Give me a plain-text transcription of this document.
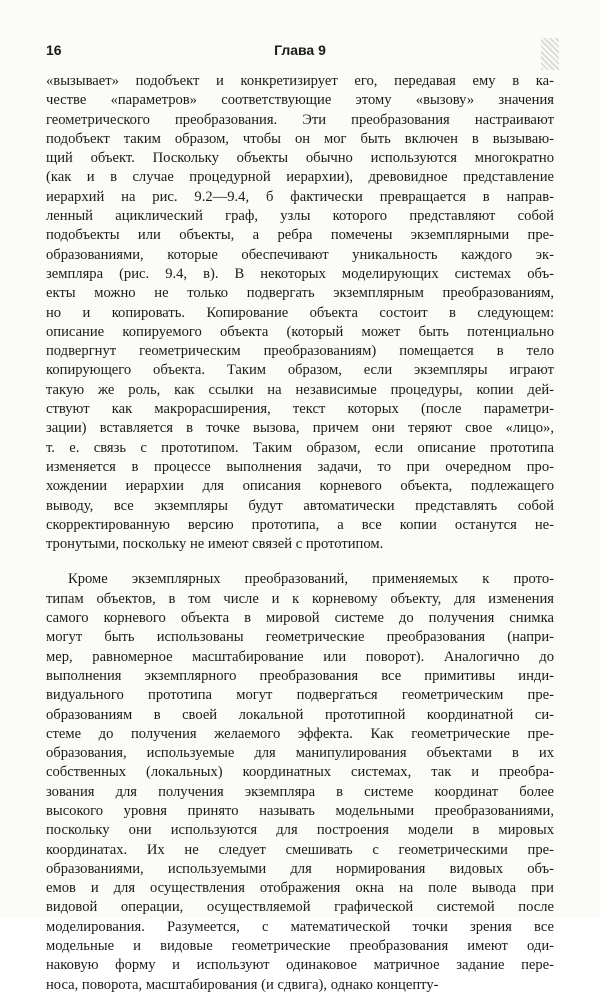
16	Глава 9
«вызывает» подобъект и конкретизирует его, передавая ему в ка-
честве «параметров» соответствующие этому «вызову» значения
геометрического преобразования. Эти преобразования настраивают
подобъект таким образом, чтобы он мог быть включен в вызываю-
щий объект. Поскольку объекты обычно используются многократно
(как и в случае процедурной иерархии), древовидное представление
иерархий на рис. 9.2—9.4, б фактически превращается в направ-
ленный ациклический граф, узлы которого представляют собой
подобъекты или объекты, а ребра помечены экземплярными пре-
образованиями, которые обеспечивают уникальность каждого эк-
земпляра (рис. 9.4, в). В некоторых моделирующих системах объ-
екты можно не только подвергать экземплярным преобразованиям,
но и копировать. Копирование объекта состоит в следующем:
описание копируемого объекта (который может быть потенциально
подвергнут геометрическим преобразованиям) помещается в тело
копирующего объекта. Таким образом, если экземпляры играют
такую же роль, как ссылки на независимые процедуры, копии дей-
ствуют как макрорасширения, текст которых (после параметри-
зации) вставляется в точке вызова, причем они теряют свое «лицо»,
т. е. связь с прототипом. Таким образом, если описание прототипа
изменяется в процессе выполнения задачи, то при очередном про-
хождении иерархии для описания корневого объекта, подлежащего
выводу, все экземпляры будут автоматически представлять собой
скорректированную версию прототипа, а все копии останутся не-
тронутыми, поскольку не имеют связей с прототипом.
Кроме экземплярных преобразований, применяемых к прото-
типам объектов, в том числе и к корневому объекту, для изменения
самого корневого объекта в мировой системе до получения снимка
могут быть использованы геометрические преобразования (напри-
мер, равномерное масштабирование или поворот). Аналогично до
выполнения экземплярного преобразования все примитивы инди-
видуального прототипа могут подвергаться геометрическим пре-
образованиям в своей локальной прототипной координатной си-
стеме до получения желаемого эффекта. Как геометрические пре-
образования, используемые для манипулирования объектами в их
собственных (локальных) координатных системах, так и преобра-
зования для получения экземпляра в системе координат более
высокого уровня принято называть модельными преобразованиями,
поскольку они используются для построения модели в мировых
координатах. Их не следует смешивать с геометрическими пре-
образованиями, используемыми для нормирования видовых объ-
емов и для осуществления отображения окна на поле вывода при
видовой операции, осуществляемой графической системой после
моделирования. Разумеется, с математической точки зрения все
модельные и видовые геометрические преобразования имеют оди-
наковую форму и используют одинаковое матричное задание пере-
носа, поворота, масштабирования (и сдвига), однако концепту-
